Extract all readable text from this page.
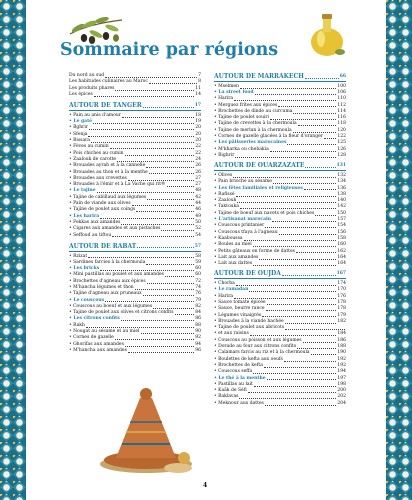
Sommaire par régions
Du nord au sud	7
Les habitudes culinaires au Maroc	8
Les produits phares	11
Les épices	14
AUTOUR DE TANGER	17
• Pain au anis d'amour	18
• Le gaté	19
• Bghrir	20
• Sfenja	20
• Bissara	20
• Fèves au cumin	22
• Pois chiches au cumin	22
• Zaalouk de carotte	24
• Brouades ayrah et à la cannelle	26
• Brouades au thon et à la menthe	26
• Brouades aux crevettes	27
• Brouades à l'émir et à La Vache qui rit®	27
• Le tajine	48
• Tajine de cabillaud aux légumes	42
• Pain de viande aux olives	44
• Tajine de poulet aux coings	46
• Les harira	49
• Fekkas aux amandes	50
• Cigares aux amandes et aux pistaches	52
• Seffoud au tiftou	54
AUTOUR DE RABAT	57
• Rzizat	58
• Sardines farcies à la chermoula	59
• Les bricks	60
• Mini pastillas au poulet et aux amandes	60
• Brochettes d'agneau aux épices	72
• M'hancha légumes et thon	74
• Tajine d'agneau aux pruneaux	76
• Le couscous	79
• Couscous au boeuf et aux légumes	82
• Tajine de poulet aux olives et citrons confits	84
• Les citrons confits	86
• Rakh	88
• Nougat au sésame et au miel	90
• Cornes de gazelle	92
• Ghorifas aux amandes	94
• M'hancha aux amandes	96
AUTOUR DE MARRAKECH	66
• Mselmen	100
• La street food	106
• Harira	110
• Merguez frites aux épices	112
• Brochettes de dinde au curcuma	114
• Tajine de poulet souiri	116
• Tajine de crevettes à la chermoula	118
• Tajine de merlan à la chermoula	120
• Cornes de gazelle glacées à la fleur d'oranger	122
• Les pâtisseries marocaines	125
• M'kharka ou chebakia	126
• Bighrir	128
AUTOUR DE OUARZAZATE	131
• Olives	132
• Pain brioche au sésame	134
• Les fêtes familiales et religieuses	136
• Rafissé	138
• Zaalouk	140
• Taktouka	142
• Tajine de boeuf aux navets et pois chiches	150
• L'artisanat marocain	157
• Couscous printanier	154
• Couscous tfaya à l'agneau	156
• Kaaboussa	158
• Boules au miel	160
• Petits gâteaux en forme de dattes	162
• Lait aux amandes	164
• Lait aux dattes	164
AUTOUR DE OUJDA	167
• Chorba	174
• Le ramadan	170
• Harira	176
• Sauce tomate épicée	178
• Sauce, beurre rance	178
• Légumes vinaigrés	179
• Brouades à la viande hachée	182
• Tajine de poulet aux abricots
• et aux raisins	184
• Couscous au poisson et aux légumes	186
• Dorade au four aux citrons confits	188
• Calamars farcis au riz et à la chermoula	190
• Boulettes de kefta aux oeufs	192
• Brochettes de kefta	192
• Couscous seffa	194
• Le thé à la menthe	197
• Pastillas au lait	198
• Kaâk de Séfi	200
• Baklavas	202
• Meknour aux dattes	204
4
